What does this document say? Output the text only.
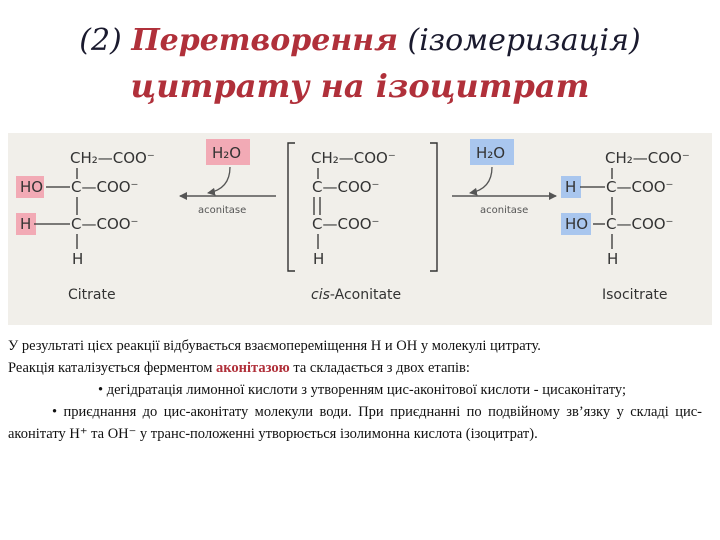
(2) Перетворення (ізомеризація)
цитрату на ізоцитрат
CH₂—COO⁻
HO C—COO⁻
H	C—COO⁻
H
Citrate
H₂O
aconitase
CH₂—COO⁻
C—COO⁻
C—COO⁻
H
cis-Aconitate
H₂O
aconitase
CH₂—COO⁻
H C—COO⁻
HO C—COO⁻
H
Isocitrate

У результаті цієх реакції відбувається взаємопереміщення Н и ОН у молекулі цитрату.

Реакція каталізується ферментом аконітазою та складається з двох етапів:

• дегідратація лимонної кислоти з утворенням цис-аконітової кислоти - цисаконітату;

• приєднання до цис-аконітату молекули води. При приєднанні по подвійному зв’язку у складі цис-аконітату Н⁺ та ОН⁻ у транс-положенні утворюється ізолимонна кислота (ізоцитрат).
